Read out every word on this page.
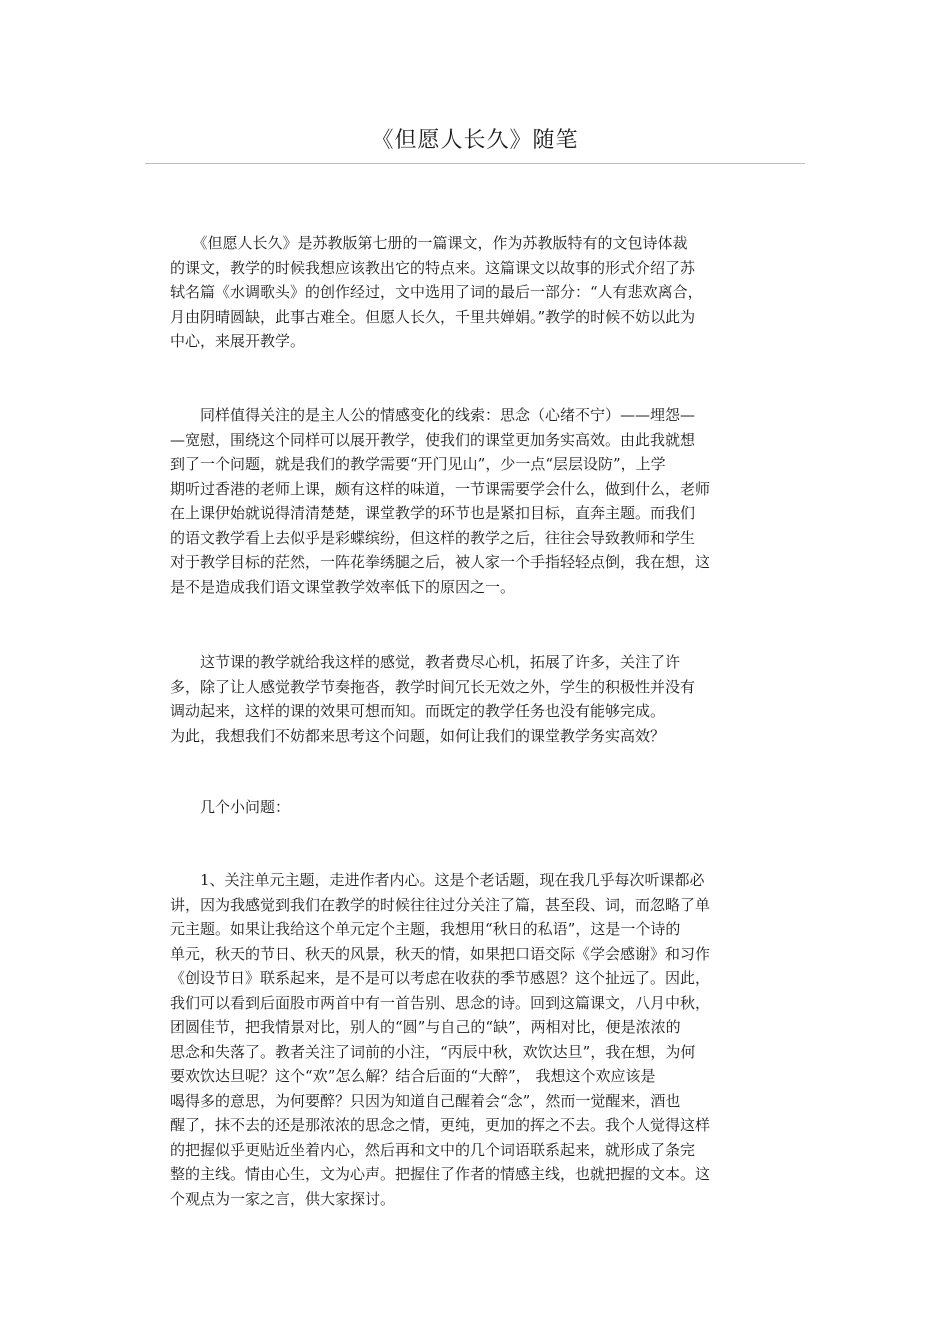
《但愿人长久》随笔
　　《但愿人长久》是苏教版第七册的一篇课文，作为苏教版特有的文包诗体裁
的课文，教学的时候我想应该教出它的特点来。这篇课文以故事的形式介绍了苏
轼名篇《水调歌头》的创作经过，文中选用了词的最后一部分：“人有悲欢离合，
月由阴晴圆缺，此事古难全。但愿人长久，千里共婵娟。”教学的时候不妨以此为
中心，来展开教学。
　　同样值得关注的是主人公的情感变化的线索：思念（心绪不宁）——埋怨—
—宽慰，围绕这个同样可以展开教学，使我们的课堂更加务实高效。由此我就想
到了一个问题，就是我们的教学需要“开门见山”，少一点“层层设防”，上学
期听过香港的老师上课，颇有这样的味道，一节课需要学会什么，做到什么，老师
在上课伊始就说得清清楚楚，课堂教学的环节也是紧扣目标，直奔主题。而我们
的语文教学看上去似乎是彩蝶缤纷，但这样的教学之后，往往会导致教师和学生
对于教学目标的茫然，一阵花拳绣腿之后，被人家一个手指轻轻点倒，我在想，这
是不是造成我们语文课堂教学效率低下的原因之一。
　　这节课的教学就给我这样的感觉，教者费尽心机，拓展了许多，关注了许
多，除了让人感觉教学节奏拖沓，教学时间冗长无效之外，学生的积极性并没有
调动起来，这样的课的效果可想而知。而既定的教学任务也没有能够完成。
为此，我想我们不妨都来思考这个问题，如何让我们的课堂教学务实高效？
　　几个小问题：
　　1、关注单元主题，走进作者内心。这是个老话题，现在我几乎每次听课都必
讲，因为我感觉到我们在教学的时候往往过分关注了篇，甚至段、词，而忽略了单
元主题。如果让我给这个单元定个主题，我想用“秋日的私语”，这是一个诗的
单元，秋天的节日、秋天的风景，秋天的情，如果把口语交际《学会感谢》和习作
《创设节日》联系起来，是不是可以考虑在收获的季节感恩？这个扯远了。因此，
我们可以看到后面股市两首中有一首告别、思念的诗。回到这篇课文，八月中秋，
团圆佳节，把我情景对比，别人的“圆”与自己的“缺”，两相对比，便是浓浓的
思念和失落了。教者关注了词前的小注，“丙辰中秋，欢饮达旦”，我在想，为何
要欢饮达旦呢？这个“欢”怎么解？结合后面的“大醉”， 我想这个欢应该是
喝得多的意思，为何要醉？只因为知道自己醒着会“念”，然而一觉醒来，酒也
醒了，抹不去的还是那浓浓的思念之情，更纯，更加的挥之不去。我个人觉得这样
的把握似乎更贴近坐着内心，然后再和文中的几个词语联系起来，就形成了条完
整的主线。情由心生，文为心声。把握住了作者的情感主线，也就把握的文本。这
个观点为一家之言，供大家探讨。
